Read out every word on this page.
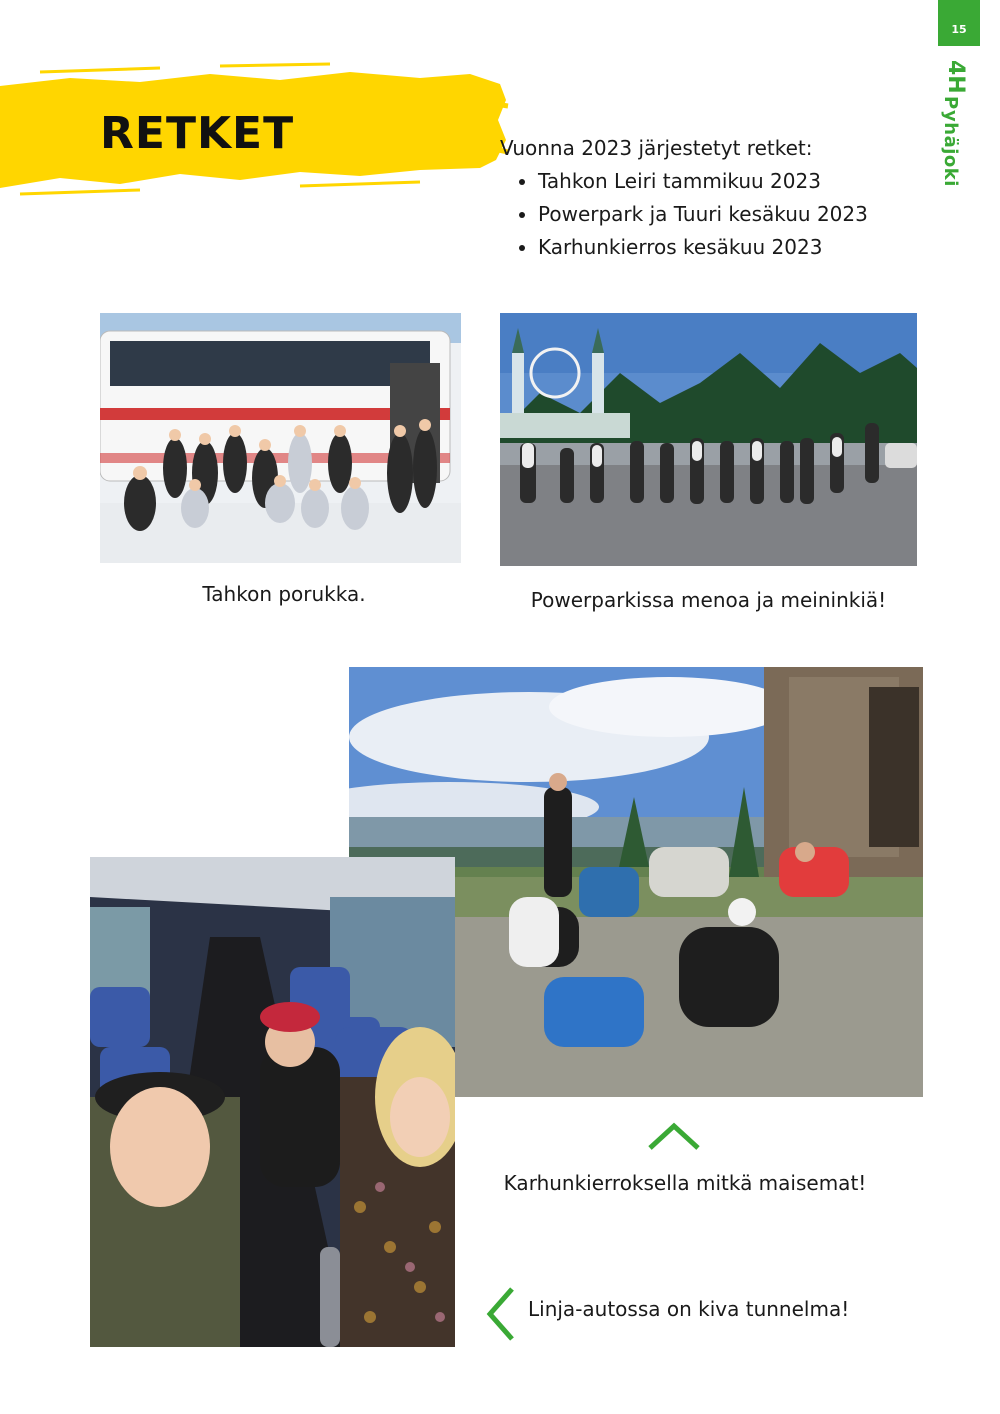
15
4H
Pyhäjoki
RETKET	Vuonna 2023 järjestetyt retket:
• Tahkon Leiri tammikuu 2023
• Powerpark ja Tuuri kesäkuu 2023
• Karhunkierros kesäkuu 2023
Tahkon porukka.	Powerparkissa menoa ja meininkiä!
Karhunkierroksella mitkä maisemat!
Linja-autossa on kiva tunnelma!
